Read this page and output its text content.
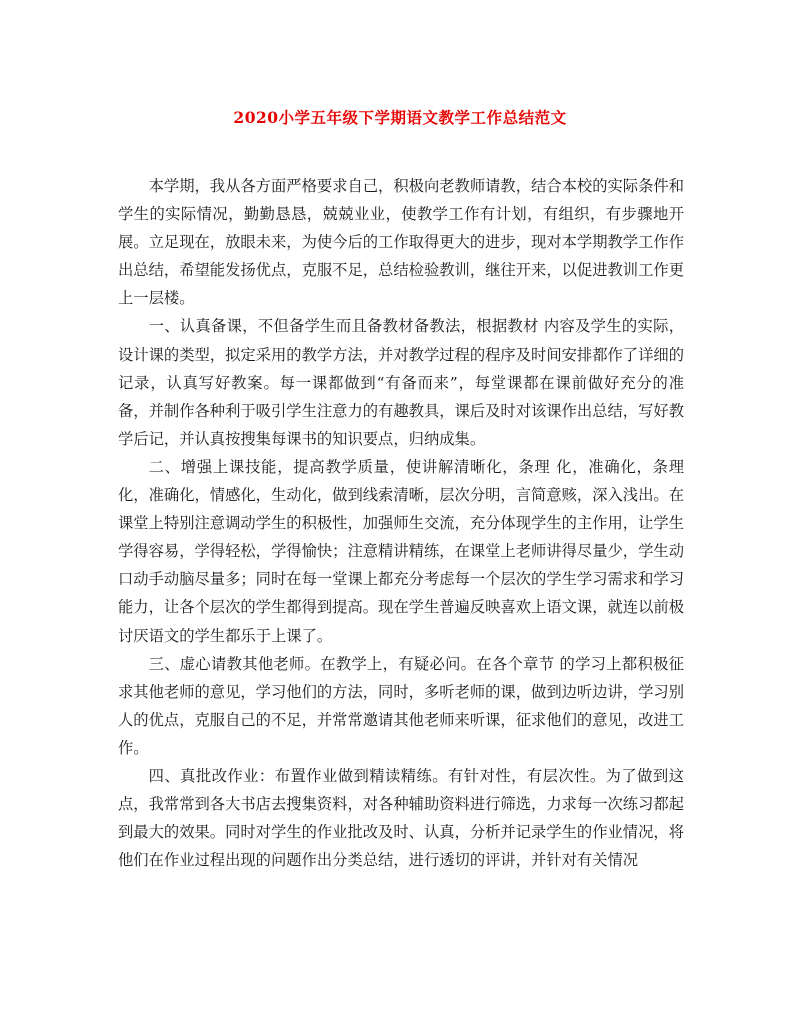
2020小学五年级下学期语文教学工作总结范文

本学期，我从各方面严格要求自己，积极向老教师请教，结合本校的实际条件和学生的实际情况，勤勤恳恳，兢兢业业，使教学工作有计划，有组织，有步骤地开展。立足现在，放眼未来，为使今后的工作取得更大的进步，现对本学期教学工作作出总结，希望能发扬优点，克服不足，总结检验教训，继往开来，以促进教训工作更上一层楼。

一、认真备课，不但备学生而且备教材备教法，根据教材 内容及学生的实际，设计课的类型，拟定采用的教学方法，并对教学过程的程序及时间安排都作了详细的记录，认真写好教案。每一课都做到“有备而来”，每堂课都在课前做好充分的准备，并制作各种利于吸引学生注意力的有趣教具，课后及时对该课作出总结，写好教学后记，并认真按搜集每课书的知识要点，归纳成集。

二、增强上课技能，提高教学质量，使讲解清晰化，条理 化，准确化，条理化，准确化，情感化，生动化，做到线索清晰，层次分明，言简意赅，深入浅出。在课堂上特别注意调动学生的积极性，加强师生交流，充分体现学生的主作用，让学生学得容易，学得轻松，学得愉快；注意精讲精练，在课堂上老师讲得尽量少，学生动口动手动脑尽量多；同时在每一堂课上都充分考虑每一个层次的学生学习需求和学习能力，让各个层次的学生都得到提高。现在学生普遍反映喜欢上语文课，就连以前极讨厌语文的学生都乐于上课了。

三、虚心请教其他老师。在教学上，有疑必问。在各个章节 的学习上都积极征求其他老师的意见，学习他们的方法，同时，多听老师的课，做到边听边讲，学习别人的优点，克服自己的不足，并常常邀请其他老师来听课，征求他们的意见，改进工作。

四、真批改作业：布置作业做到精读精练。有针对性，有层次性。为了做到这点，我常常到各大书店去搜集资料，对各种辅助资料进行筛选，力求每一次练习都起到最大的效果。同时对学生的作业批改及时、认真，分析并记录学生的作业情况，将他们在作业过程出现的问题作出分类总结，进行透切的评讲，并针对有关情况
